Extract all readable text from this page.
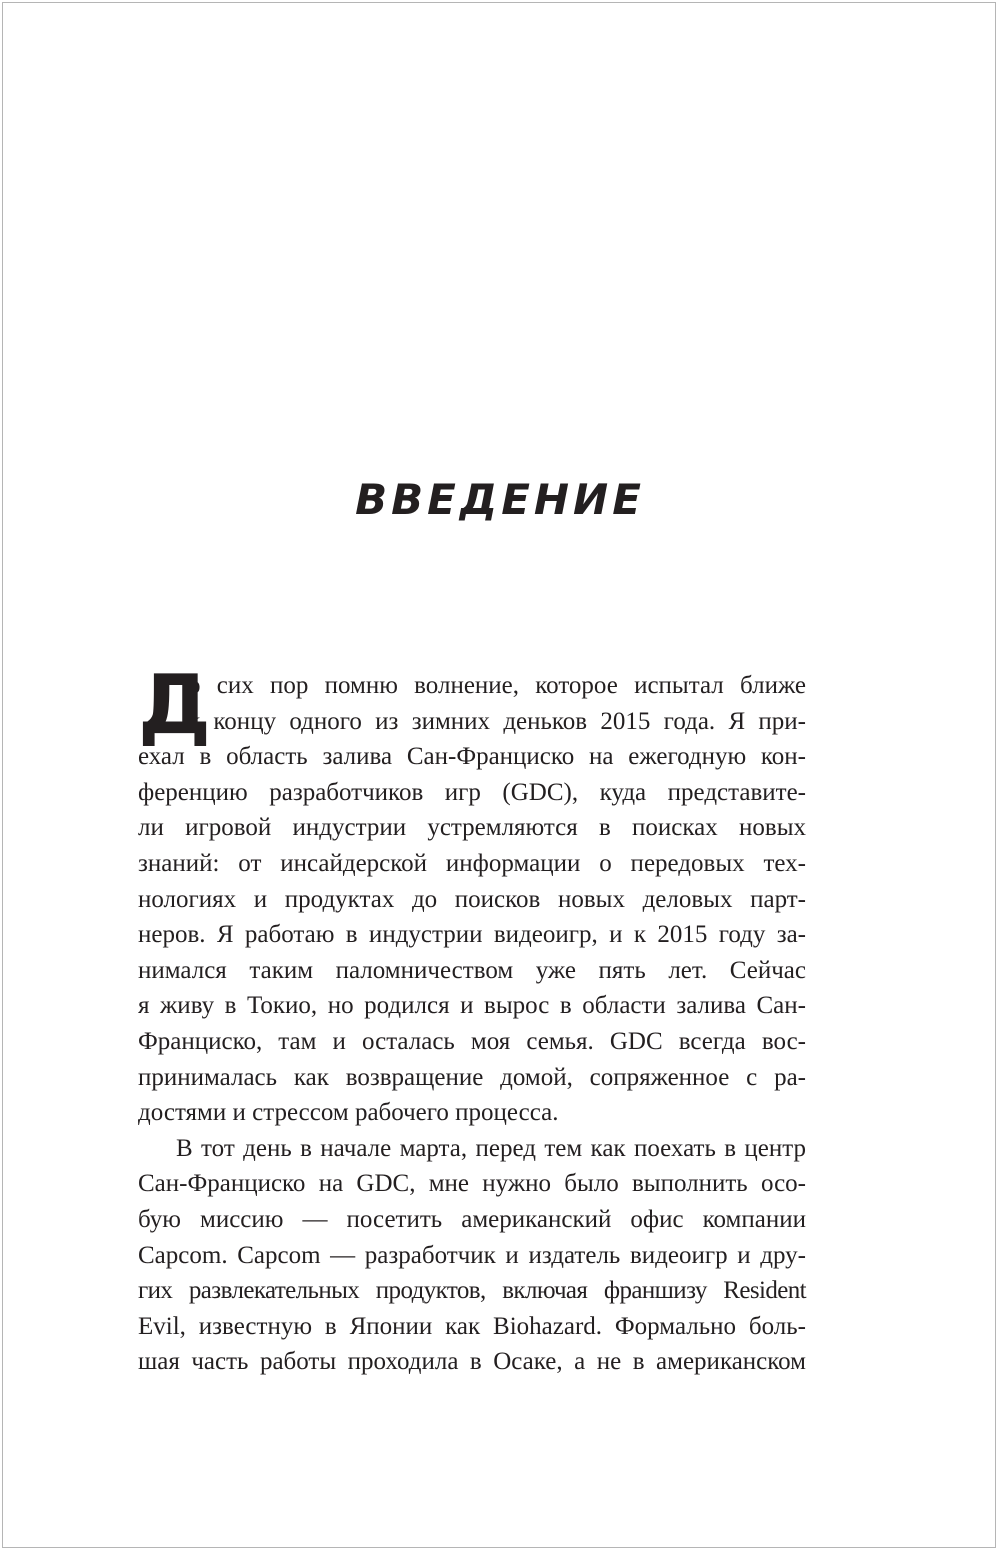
ВВЕДЕНИЕ
Д
о сих пор помню волнение, которое испытал ближе
к концу одного из зимних деньков 2015 года. Я при-
ехал в область залива Сан-Франциско на ежегодную кон-
ференцию разработчиков игр (GDC), куда представите-
ли игровой индустрии устремляются в поисках новых
знаний: от инсайдерской информации о передовых тех-
нологиях и продуктах до поисков новых деловых парт-
неров. Я работаю в индустрии видеоигр, и к 2015 году за-
нимался таким паломничеством уже пять лет. Сейчас
я живу в Токио, но родился и вырос в области залива Сан-
Франциско, там и осталась моя семья. GDC всегда вос-
принималась как возвращение домой, сопряженное с ра-
достями и стрессом рабочего процесса.
В тот день в начале марта, перед тем как поехать в центр
Сан-Франциско на GDC, мне нужно было выполнить осо-
бую миссию — посетить американский офис компании
Capcom. Capcom — разработчик и издатель видеоигр и дру-
гих развлекательных продуктов, включая франшизу Resident
Evil, известную в Японии как Biohazard. Формально боль-
шая часть работы проходила в Осаке, а не в американском
